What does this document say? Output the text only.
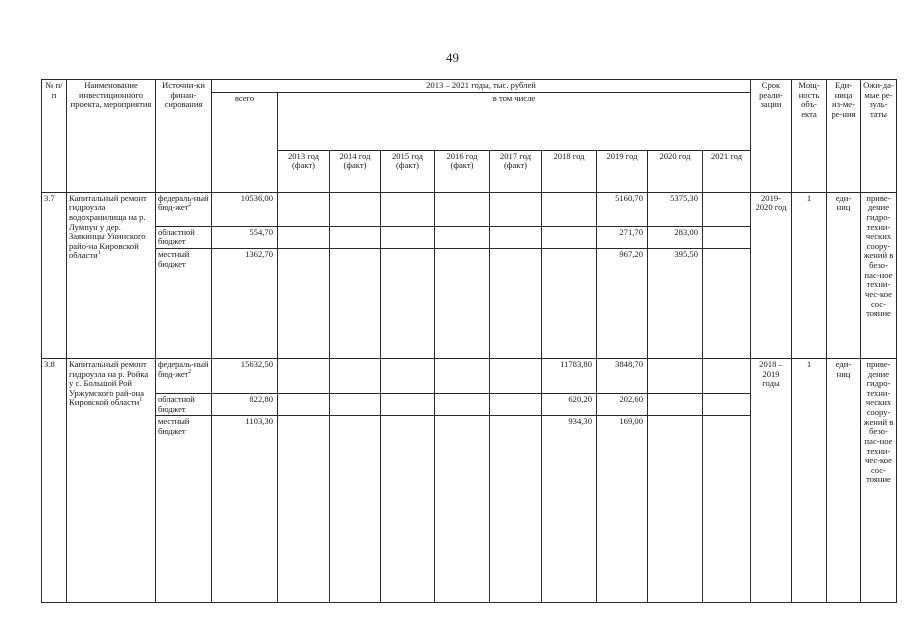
49
№ п/п	Наименование инвестиционного проекта, мероприятия	Источни-ки финан-сирования	2013 – 2021 годы, тыс. рублей										Срок реали-зации	Мощ-ность объ-екта	Еди-ница из-ме-ре-ния	Ожи-да-мые ре-зуль-таты
			всего	в том числе												
				2013 год (факт)	2014 год (факт)	2015 год (факт)	2016 год (факт)	2017 год (факт)	2018 год	2019 год	2020 год	2021 год				
3.7	Капитальный ремонт гидроузла водохранилища на р. Лумпун у дер. Заякинцы Унинского райо-на Кировской области$^1$	федераль-ный бюд-жет$^2$	10536,00							5160,70	5375,30		2019-2020 год	1	еди-ниц	приве-дение гидро-техни-ческих соору-жений в безо-пас-ное техни-чес-кое сос-тояние
		областной бюджет	554,70							271,70	283,00					
		местный бюджет	1362,70							967,20	395,50					
3.8	Капитальный ремонт гидроузла на р. Ройка у с. Большой Рой Уржумского рай-она Кировской области$^1$	федераль-ный бюд-жет$^2$	15632,50						11783,80	3848,70			2018 – 2019 годы	1	еди-ниц	приве-дение гидро-техни-ческих соору-жений в безо-пас-ное техни-чес-кое сос-тояние
		областной бюджет	822,80						620,20	202,60						
		местный бюджет	1103,30						934,30	169,00						
